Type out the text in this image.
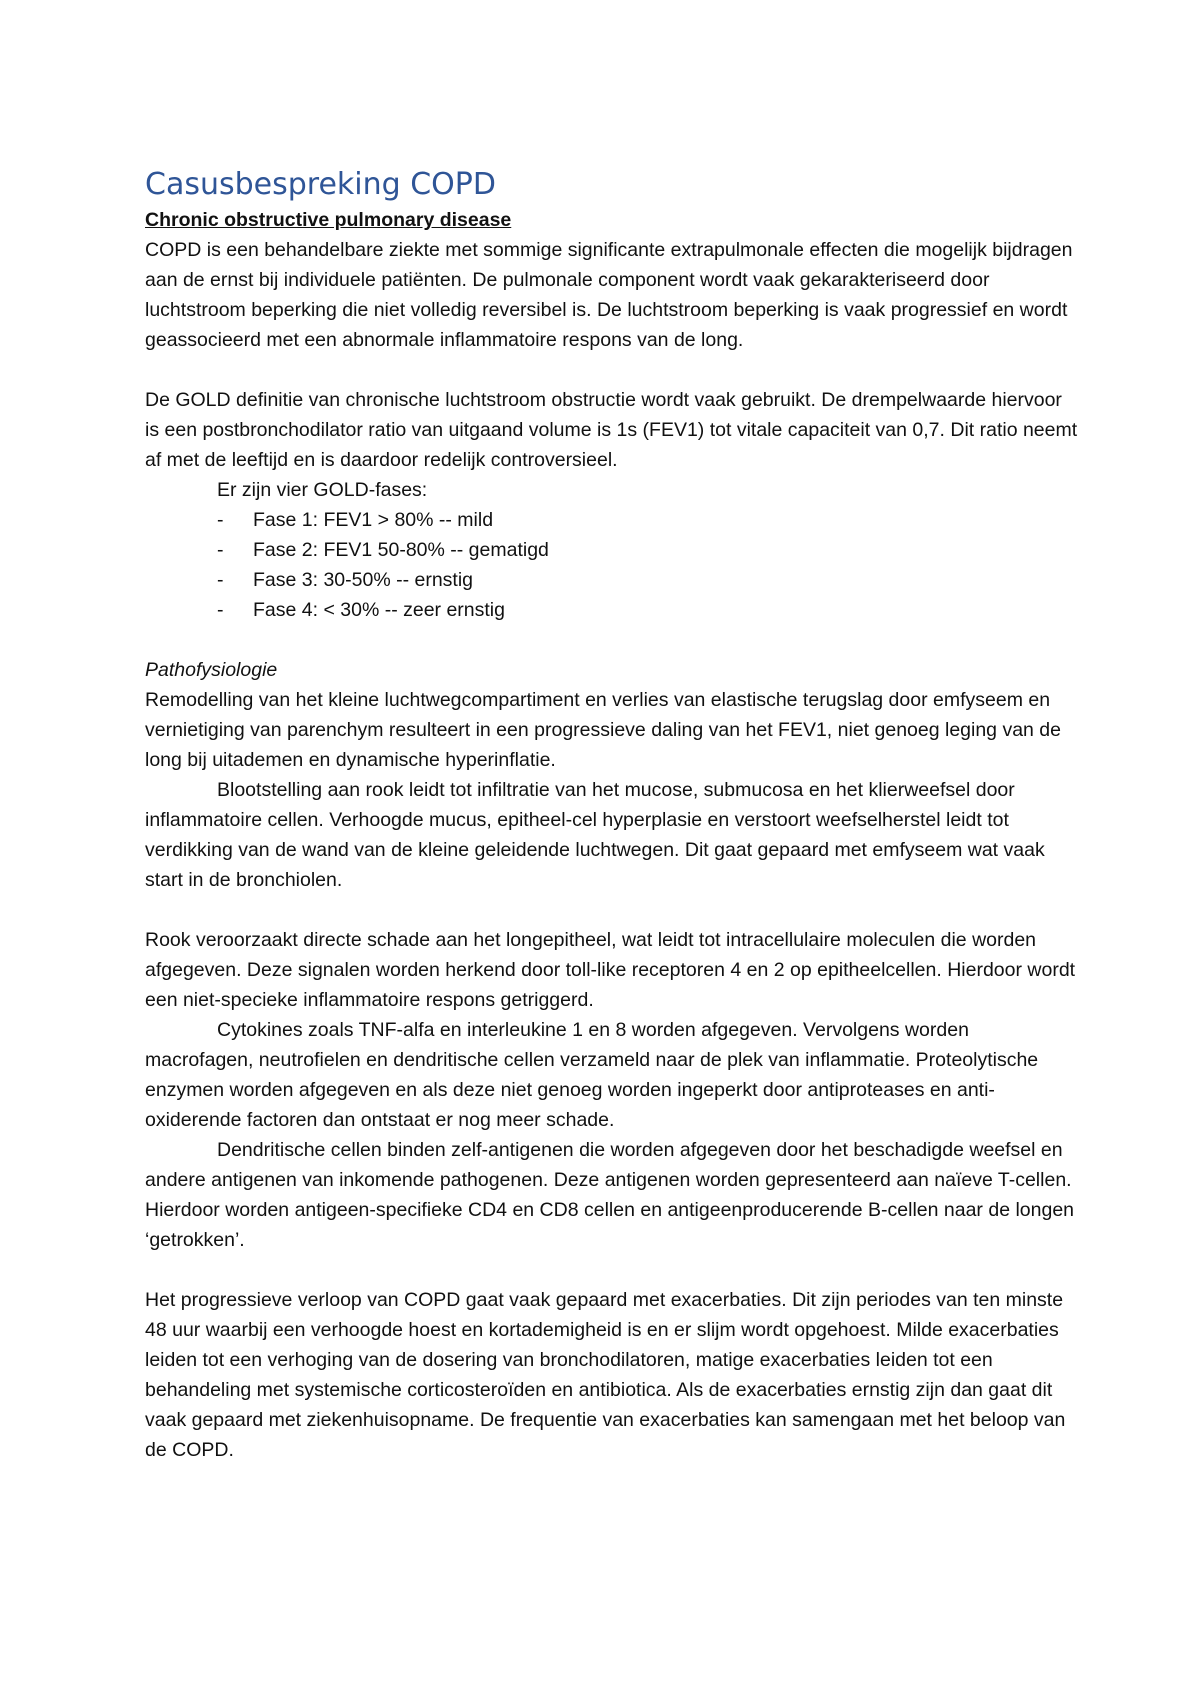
Casusbespreking COPD

Chronic obstructive pulmonary disease

COPD is een behandelbare ziekte met sommige significante extrapulmonale effecten die mogelijk bijdragen aan de ernst bij individuele patiënten. De pulmonale component wordt vaak gekarakteriseerd door luchtstroom beperking die niet volledig reversibel is. De luchtstroom beperking is vaak progressief en wordt geassocieerd met een abnormale inflammatoire respons van de long.

De GOLD definitie van chronische luchtstroom obstructie wordt vaak gebruikt. De drempelwaarde hiervoor is een postbronchodilator ratio van uitgaand volume is 1s (FEV1) tot vitale capaciteit van 0,7. Dit ratio neemt af met de leeftijd en is daardoor redelijk controversieel.

Er zijn vier GOLD-fases:

- Fase 1: FEV1 > 80% -- mild
- Fase 2: FEV1 50-80% -- gematigd
- Fase 3: 30-50% -- ernstig
- Fase 4: < 30% -- zeer ernstig

Pathofysiologie

Remodelling van het kleine luchtwegcompartiment en verlies van elastische terugslag door emfyseem en vernietiging van parenchym resulteert in een progressieve daling van het FEV1, niet genoeg leging van de long bij uitademen en dynamische hyperinflatie.

Blootstelling aan rook leidt tot infiltratie van het mucose, submucosa en het klierweefsel door inflammatoire cellen. Verhoogde mucus, epitheel-cel hyperplasie en verstoort weefselherstel leidt tot verdikking van de wand van de kleine geleidende luchtwegen. Dit gaat gepaard met emfyseem wat vaak start in de bronchiolen.

Rook veroorzaakt directe schade aan het longepitheel, wat leidt tot intracellulaire moleculen die worden afgegeven. Deze signalen worden herkend door toll-like receptoren 4 en 2 op epitheelcellen. Hierdoor wordt een niet-specieke inflammatoire respons getriggerd.

Cytokines zoals TNF-alfa en interleukine 1 en 8 worden afgegeven. Vervolgens worden macrofagen, neutrofielen en dendritische cellen verzameld naar de plek van inflammatie. Proteolytische enzymen worden afgegeven en als deze niet genoeg worden ingeperkt door antiproteases en anti-oxiderende factoren dan ontstaat er nog meer schade.

Dendritische cellen binden zelf-antigenen die worden afgegeven door het beschadigde weefsel en andere antigenen van inkomende pathogenen. Deze antigenen worden gepresenteerd aan naïeve T-cellen. Hierdoor worden antigeen-specifieke CD4 en CD8 cellen en antigeenproducerende B-cellen naar de longen ‘getrokken’.

Het progressieve verloop van COPD gaat vaak gepaard met exacerbaties. Dit zijn periodes van ten minste 48 uur waarbij een verhoogde hoest en kortademigheid is en er slijm wordt opgehoest. Milde exacerbaties leiden tot een verhoging van de dosering van bronchodilatoren, matige exacerbaties leiden tot een behandeling met systemische corticosteroïden en antibiotica. Als de exacerbaties ernstig zijn dan gaat dit vaak gepaard met ziekenhuisopname. De frequentie van exacerbaties kan samengaan met het beloop van de COPD.
